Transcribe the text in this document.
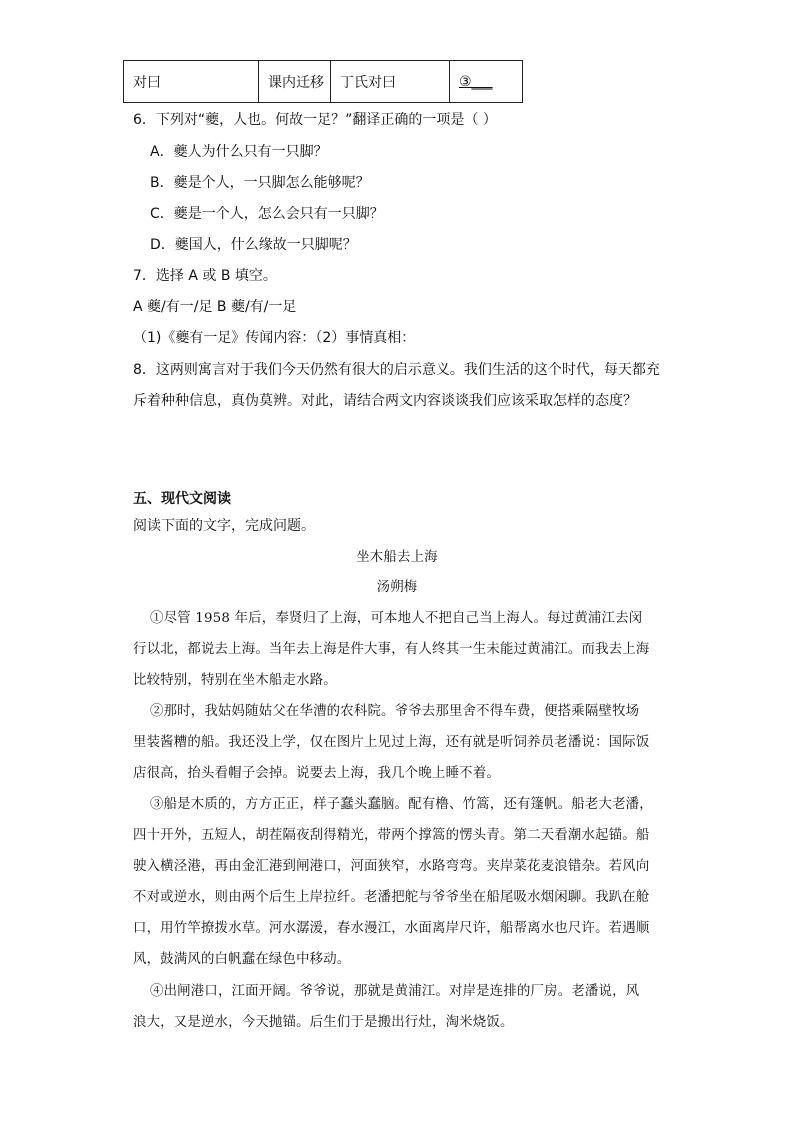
对曰	课内迁移	丁氏对曰	③___
6．下列对“夔，人也。何故一足？”翻译正确的一项是（ ）
A．夔人为什么只有一只脚？
B．夔是个人，一只脚怎么能够呢？
C．夔是一个人，怎么会只有一只脚？
D．夔国人，什么缘故一只脚呢？
7．选择 A 或 B 填空。
A 夔/有一/足 B 夔/有/一足
（1)《夔有一足》传闻内容：（2）事情真相：
8．这两则寓言对于我们今天仍然有很大的启示意义。我们生活的这个时代，每天都充
斥着种种信息，真伪莫辨。对此，请结合两文内容谈谈我们应该采取怎样的态度？
五、现代文阅读
阅读下面的文字，完成问题。
坐木船去上海
汤朔梅
①尽管 1958 年后，奉贤归了上海，可本地人不把自己当上海人。每过黄浦江去闵
行以北，都说去上海。当年去上海是件大事，有人终其一生未能过黄浦江。而我去上海
比较特别，特别在坐木船走水路。
②那时，我姑妈随姑父在华漕的农科院。爷爷去那里舍不得车费，便搭乘隔壁牧场
里装酱糟的船。我还没上学，仅在图片上见过上海，还有就是听饲养员老潘说：国际饭
店很高，抬头看帽子会掉。说要去上海，我几个晚上睡不着。
③船是木质的，方方正正，样子蠢头蠢脑。配有橹、竹篙，还有篷帆。船老大老潘，
四十开外，五短人，胡茬隔夜刮得精光，带两个撑篙的愣头青。第二天看潮水起锚。船
驶入横泾港，再由金汇港到闸港口，河面狭窄，水路弯弯。夹岸菜花麦浪错杂。若风向
不对或逆水，则由两个后生上岸拉纤。老潘把舵与爷爷坐在船尾吸水烟闲聊。我趴在舱
口，用竹竿撩拨水草。河水潺湲，春水漫江，水面离岸尺许，船帮离水也尺许。若遇顺
风，鼓满风的白帆蠢在绿色中移动。
④出闸港口，江面开阔。爷爷说，那就是黄浦江。对岸是连排的厂房。老潘说，风
浪大，又是逆水，今天抛锚。后生们于是搬出行灶，淘米烧饭。
